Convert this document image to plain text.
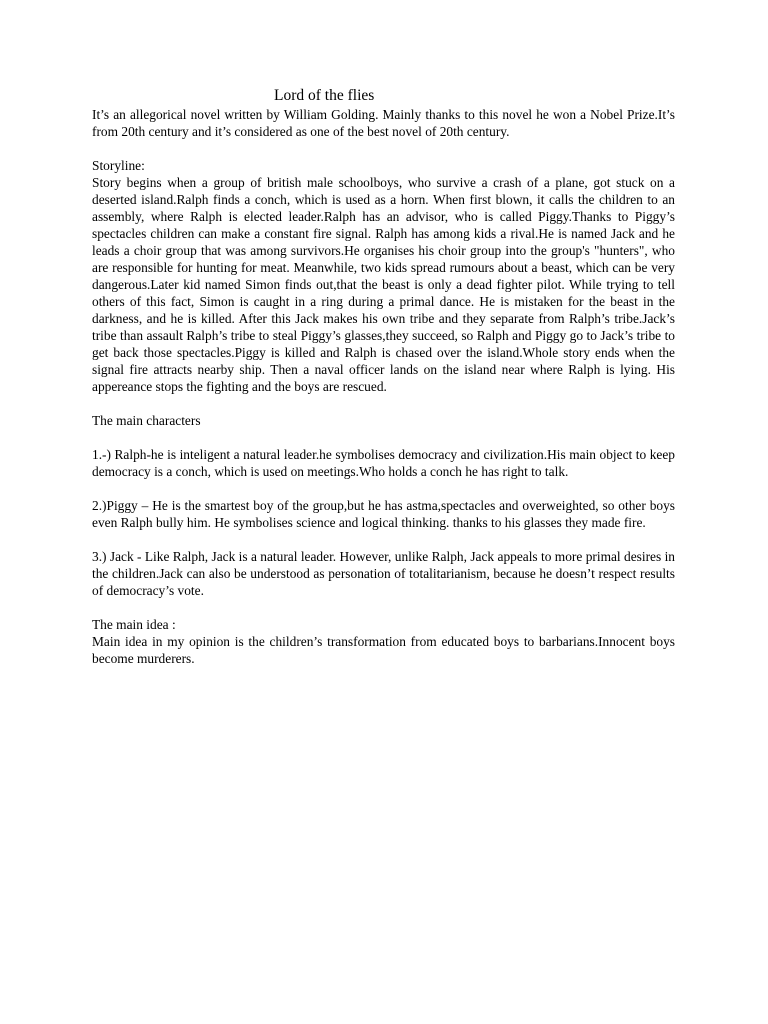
Lord of the flies

It’s an allegorical novel written by William Golding. Mainly thanks to this novel he won a Nobel Prize.It’s from 20th century and it’s considered as one of the best novel of 20th century.

Storyline:

Story begins when a group of british male schoolboys, who survive a crash of a plane, got stuck on a deserted island.Ralph finds a conch, which is used as a horn. When first blown, it calls the children to an assembly, where Ralph is elected leader.Ralph has an advisor, who is called Piggy.Thanks to Piggy’s spectacles children can make a constant fire signal. Ralph has among kids a rival.He is named Jack and he leads a choir group that was among survivors.He organises his choir group into the group's "hunters", who are responsible for hunting for meat. Meanwhile, two kids spread rumours about a beast, which can be very dangerous.Later kid named Simon finds out,that the beast is only a dead fighter pilot. While trying to tell others of this fact, Simon is caught in a ring during a primal dance. He is mistaken for the beast in the darkness, and he is killed. After this Jack makes his own tribe and they separate from Ralph’s tribe.Jack’s tribe than assault Ralph’s tribe to steal Piggy’s glasses,they succeed, so Ralph and Piggy go to Jack’s tribe to get back those spectacles.Piggy is killed and Ralph is chased over the island.Whole story ends when the signal fire attracts nearby ship. Then a naval officer lands on the island near where Ralph is lying. His appereance stops the fighting and the boys are rescued.

The main characters

1.-) Ralph-he is inteligent a natural leader.he symbolises democracy and civilization.His main object to keep democracy is a conch, which is used on meetings.Who holds a conch he has right to talk.

2.)Piggy – He is the smartest boy of the group,but he has astma,spectacles and overweighted, so other boys even Ralph bully him. He symbolises science and logical thinking. thanks to his glasses they made fire.

3.) Jack - Like Ralph, Jack is a natural leader. However, unlike Ralph, Jack appeals to more primal desires in the children.Jack can also be understood as personation of totalitarianism, because he doesn’t respect results of democracy’s vote.

The main idea :

Main idea in my opinion is the children’s transformation from educated boys to barbarians.Innocent boys become murderers.
